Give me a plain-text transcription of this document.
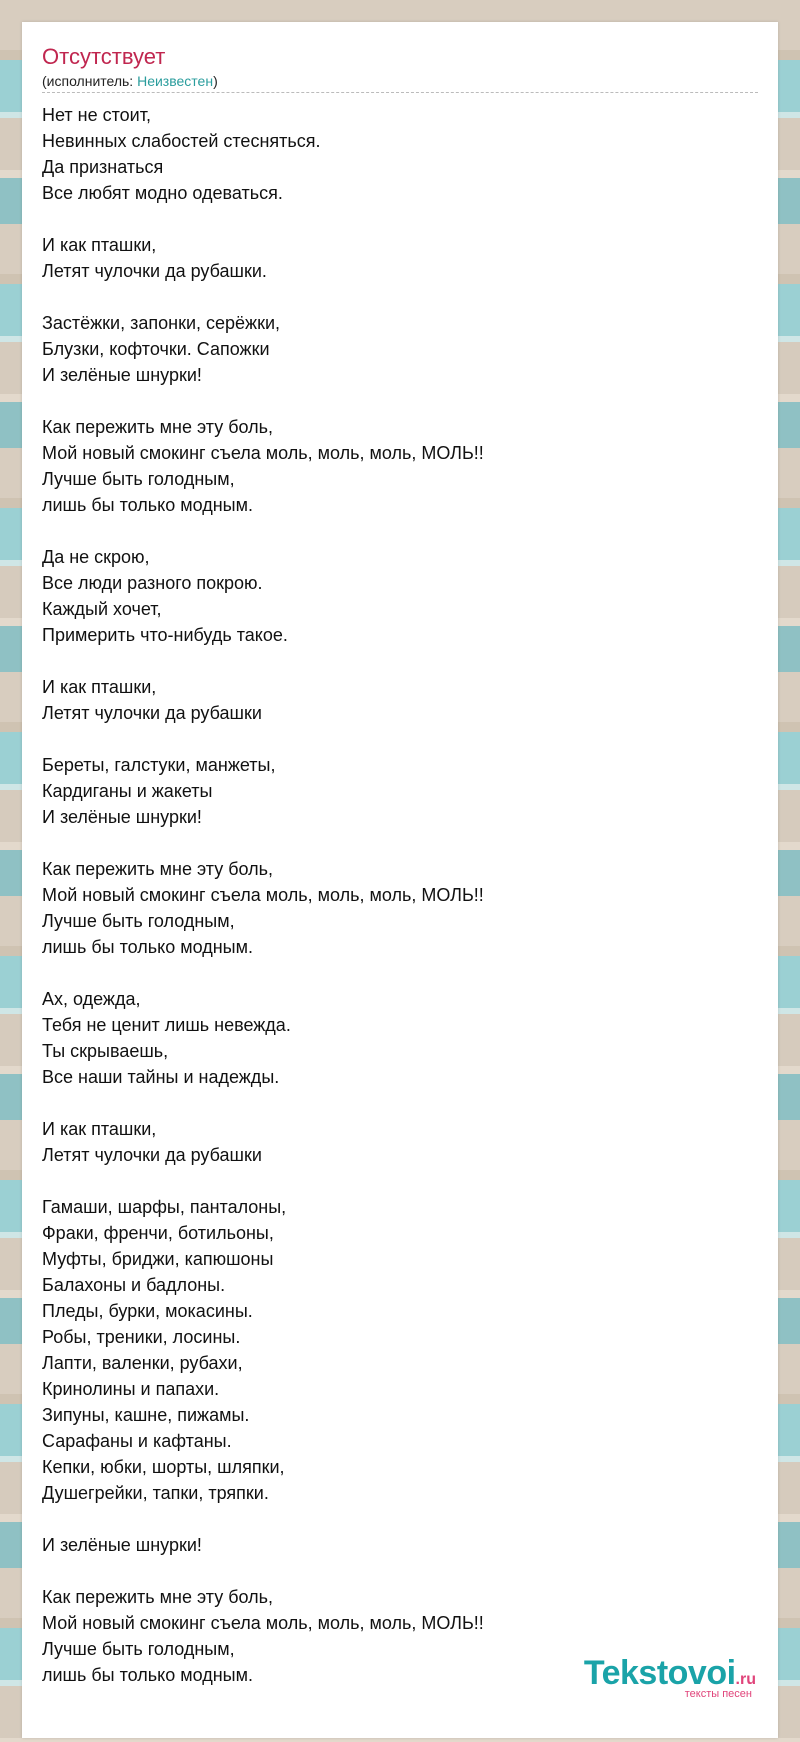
Отсутствует
(исполнитель: Неизвестен)
Нет не стоит,
Невинных слабостей стесняться.
Да признаться
Все любят модно одеваться.
И как пташки,
Летят чулочки да рубашки.
Застёжки, запонки, серёжки,
Блузки, кофточки. Сапожки
И зелёные шнурки!
Как пережить мне эту боль,
Мой новый смокинг съела моль, моль, моль, МОЛЬ!!
Лучше быть голодным,
лишь бы только модным.
Да не скрою,
Все люди разного покрою.
Каждый хочет,
Примерить что-нибудь такое.
И как пташки,
Летят чулочки да рубашки
Береты, галстуки, манжеты,
Кардиганы и жакеты
И зелёные шнурки!
Как пережить мне эту боль,
Мой новый смокинг съела моль, моль, моль, МОЛЬ!!
Лучше быть голодным,
лишь бы только модным.
Ах, одежда,
Тебя не ценит лишь невежда.
Ты скрываешь,
Все наши тайны и надежды.
И как пташки,
Летят чулочки да рубашки
Гамаши, шарфы, панталоны,
Фраки, френчи, ботильоны,
Муфты, бриджи, капюшоны
Балахоны и бадлоны.
Пледы, бурки, мокасины.
Робы, треники, лосины.
Лапти, валенки, рубахи,
Кринолины и папахи.
Зипуны, кашне, пижамы.
Сарафаны и кафтаны.
Кепки, юбки, шорты, шляпки,
Душегрейки, тапки, тряпки.
И зелёные шнурки!
Как пережить мне эту боль,
Мой новый смокинг съела моль, моль, моль, МОЛЬ!!
Лучше быть голодным,
лишь бы только модным.	Tekstovoi.ru
тексты песен
